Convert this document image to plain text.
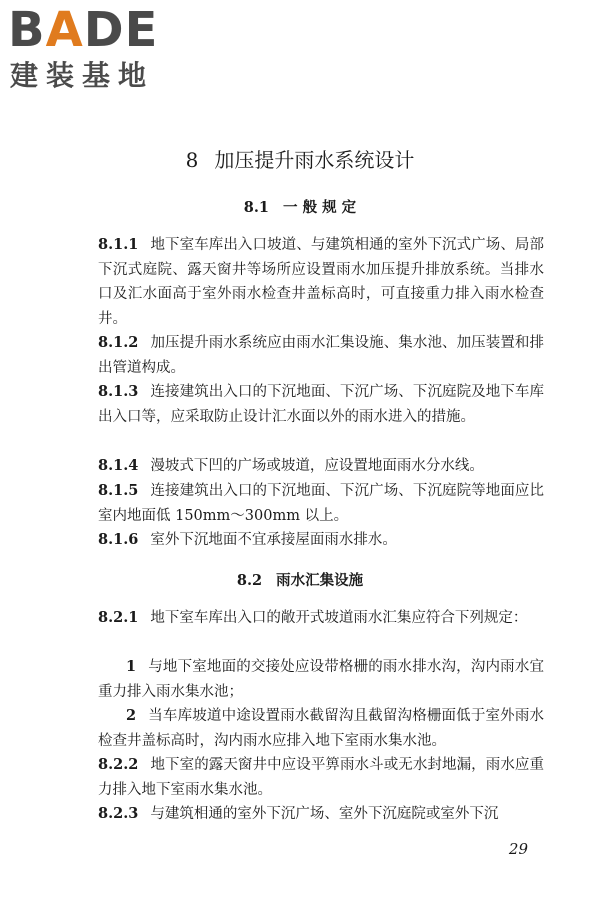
BADE
建装基地
8 加压提升雨水系统设计
8.1 一 般 规 定
8.1.1 地下室车库出入口坡道、与建筑相通的室外下沉式广场、局部下沉式庭院、露天窗井等场所应设置雨水加压提升排放系统。当排水口及汇水面高于室外雨水检查井盖标高时，可直接重力排入雨水检查井。
8.1.2 加压提升雨水系统应由雨水汇集设施、集水池、加压装置和排出管道构成。
8.1.3 连接建筑出入口的下沉地面、下沉广场、下沉庭院及地下车库出入口等，应采取防止设计汇水面以外的雨水进入的措施。
8.1.4 漫坡式下凹的广场或坡道，应设置地面雨水分水线。
8.1.5 连接建筑出入口的下沉地面、下沉广场、下沉庭院等地面应比室内地面低 150mm～300mm 以上。
8.1.6 室外下沉地面不宜承接屋面雨水排水。
8.2 雨水汇集设施
8.2.1 地下室车库出入口的敞开式坡道雨水汇集应符合下列规定：
1 与地下室地面的交接处应设带格栅的雨水排水沟，沟内雨水宜重力排入雨水集水池；
2 当车库坡道中途设置雨水截留沟且截留沟格栅面低于室外雨水检查井盖标高时，沟内雨水应排入地下室雨水集水池。
8.2.2 地下室的露天窗井中应设平箅雨水斗或无水封地漏，雨水应重力排入地下室雨水集水池。
8.2.3 与建筑相通的室外下沉广场、室外下沉庭院或室外下沉
29
